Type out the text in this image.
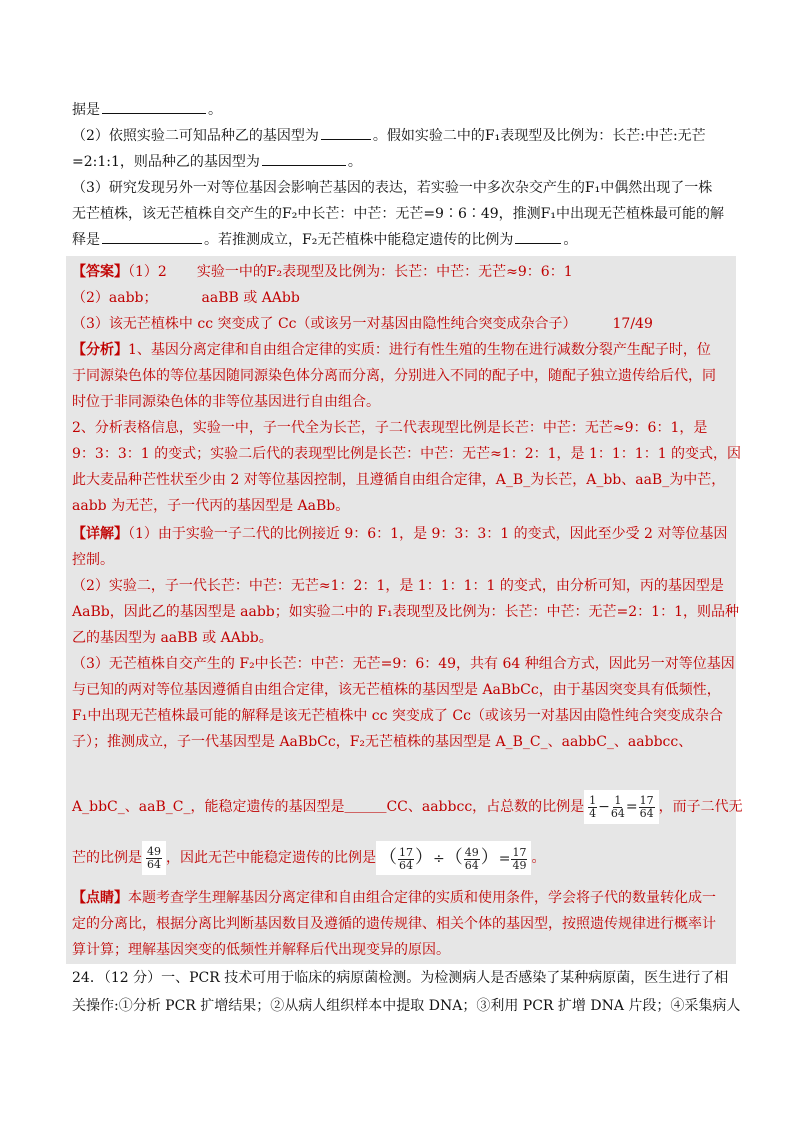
据是	。
（2）依照实验二可知品种乙的基因型为	。假如实验二中的F₁表现型及比例为：长芒:中芒:无芒
=2:1:1，则品种乙的基因型为	。
（3）研究发现另外一对等位基因会影响芒基因的表达，若实验一中多次杂交产生的F₁中偶然出现了一株
无芒植株，该无芒植株自交产生的F₂中长芒：中芒：无芒=9∶6∶49，推测F₁中出现无芒植株最可能的解
释是	。若推测成立，F₂无芒植株中能稳定遗传的比例为	。
【答案】（1）2 实验一中的F₂表现型及比例为：长芒：中芒：无芒≈9：6：1
（2）aabb；	aaBB 或 AAbb
（3）该无芒植株中 cc 突变成了 Cc（或该另一对基因由隐性纯合突变成杂合子）	17/49
【分析】1、基因分离定律和自由组合定律的实质：进行有性生殖的生物在进行减数分裂产生配子时，位
于同源染色体的等位基因随同源染色体分离而分离，分别进入不同的配子中，随配子独立遗传给后代，同
时位于非同源染色体的非等位基因进行自由组合。
2、分析表格信息，实验一中，子一代全为长芒，子二代表现型比例是长芒：中芒：无芒≈9：6：1，是
9：3：3：1 的变式；实验二后代的表现型比例是长芒：中芒：无芒≈1：2：1，是 1：1：1：1 的变式，因
此大麦品种芒性状至少由 2 对等位基因控制，且遵循自由组合定律，A_B_为长芒，A_bb、aaB_为中芒，
aabb 为无芒，子一代丙的基因型是 AaBb。
【详解】（1）由于实验一子二代的比例接近 9：6：1，是 9：3：3：1 的变式，因此至少受 2 对等位基因
控制。
（2）实验二，子一代长芒：中芒：无芒≈1：2：1，是 1：1：1：1 的变式，由分析可知，丙的基因型是
AaBb，因此乙的基因型是 aabb；如实验二中的 F₁表现型及比例为：长芒：中芒：无芒=2：1：1，则品种
乙的基因型为 aaBB 或 AAbb。
（3）无芒植株自交产生的 F₂中长芒：中芒：无芒=9：6：49，共有 64 种组合方式，因此另一对等位基因
与已知的两对等位基因遵循自由组合定律，该无芒植株的基因型是 AaBbCc，由于基因突变具有低频性，
F₁中出现无芒植株最可能的解释是该无芒植株中 cc 突变成了 Cc（或该另一对基因由隐性纯合突变成杂合
子）；推测成立，子一代基因型是 AaBbCc，F₂无芒植株的基因型是 A_B_C_、aabbC_、aabbcc、
A_bbC_、aaB_C_，能稳定遗传的基因型是＿＿＿CC、aabbcc，占总数的比例是 $\frac{1}{4} - \frac{1}{64} = \frac{17}{64}$ ，而子二代无
芒的比例是 $\frac{49}{64}$ ，因此无芒中能稳定遗传的比例是 （ $\frac{17}{64}$ ）÷（ $\frac{49}{64}$ ）= $\frac{17}{49}$ 。
【点睛】本题考查学生理解基因分离定律和自由组合定律的实质和使用条件，学会将子代的数量转化成一
定的分离比，根据分离比判断基因数目及遵循的遗传规律、相关个体的基因型，按照遗传规律进行概率计
算计算；理解基因突变的低频性并解释后代出现变异的原因。
24．（12 分）一、PCR 技术可用于临床的病原菌检测。为检测病人是否感染了某种病原菌，医生进行了相
关操作:①分析 PCR 扩增结果；②从病人组织样本中提取 DNA；③利用 PCR 扩增 DNA 片段；④采集病人
